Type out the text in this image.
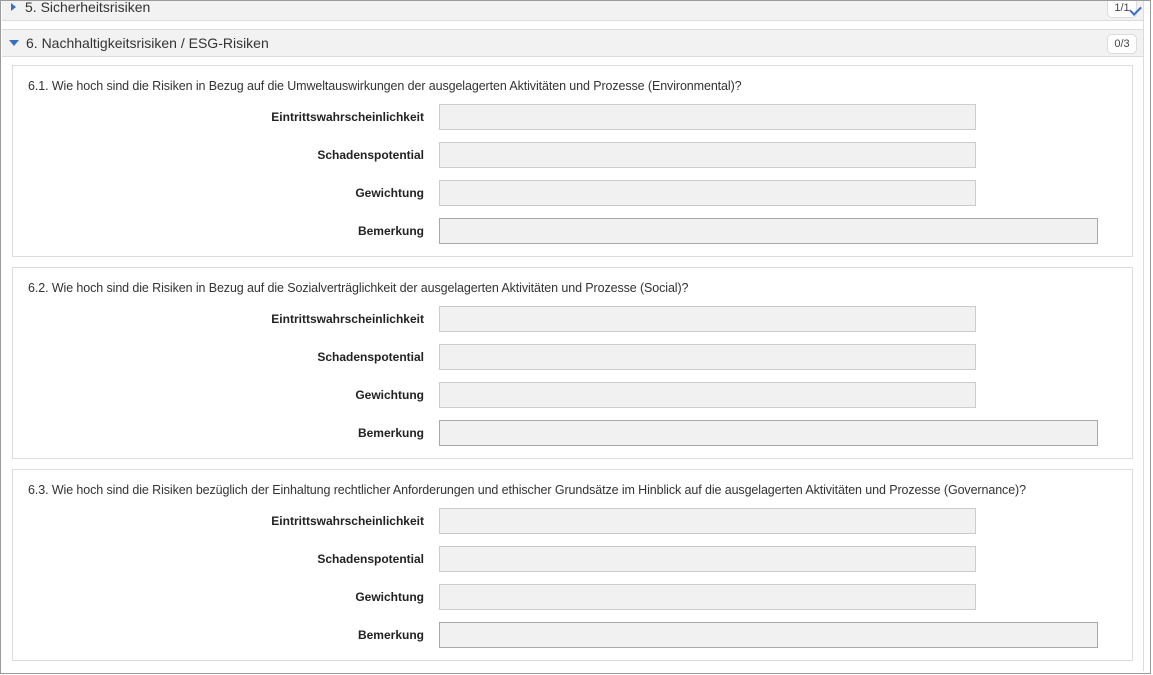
5. Sicherheitsrisiken	1/1
6. Nachhaltigkeitsrisiken / ESG-Risiken	0/3
6.1. Wie hoch sind die Risiken in Bezug auf die Umweltauswirkungen der ausgelagerten Aktivitäten und Prozesse (Environmental)?
Eintrittswahrscheinlichkeit
Schadenspotential
Gewichtung
Bemerkung
6.2. Wie hoch sind die Risiken in Bezug auf die Sozialverträglichkeit der ausgelagerten Aktivitäten und Prozesse (Social)?
Eintrittswahrscheinlichkeit
Schadenspotential
Gewichtung
Bemerkung
6.3. Wie hoch sind die Risiken bezüglich der Einhaltung rechtlicher Anforderungen und ethischer Grundsätze im Hinblick auf die ausgelagerten Aktivitäten und Prozesse (Governance)?
Eintrittswahrscheinlichkeit
Schadenspotential
Gewichtung
Bemerkung
